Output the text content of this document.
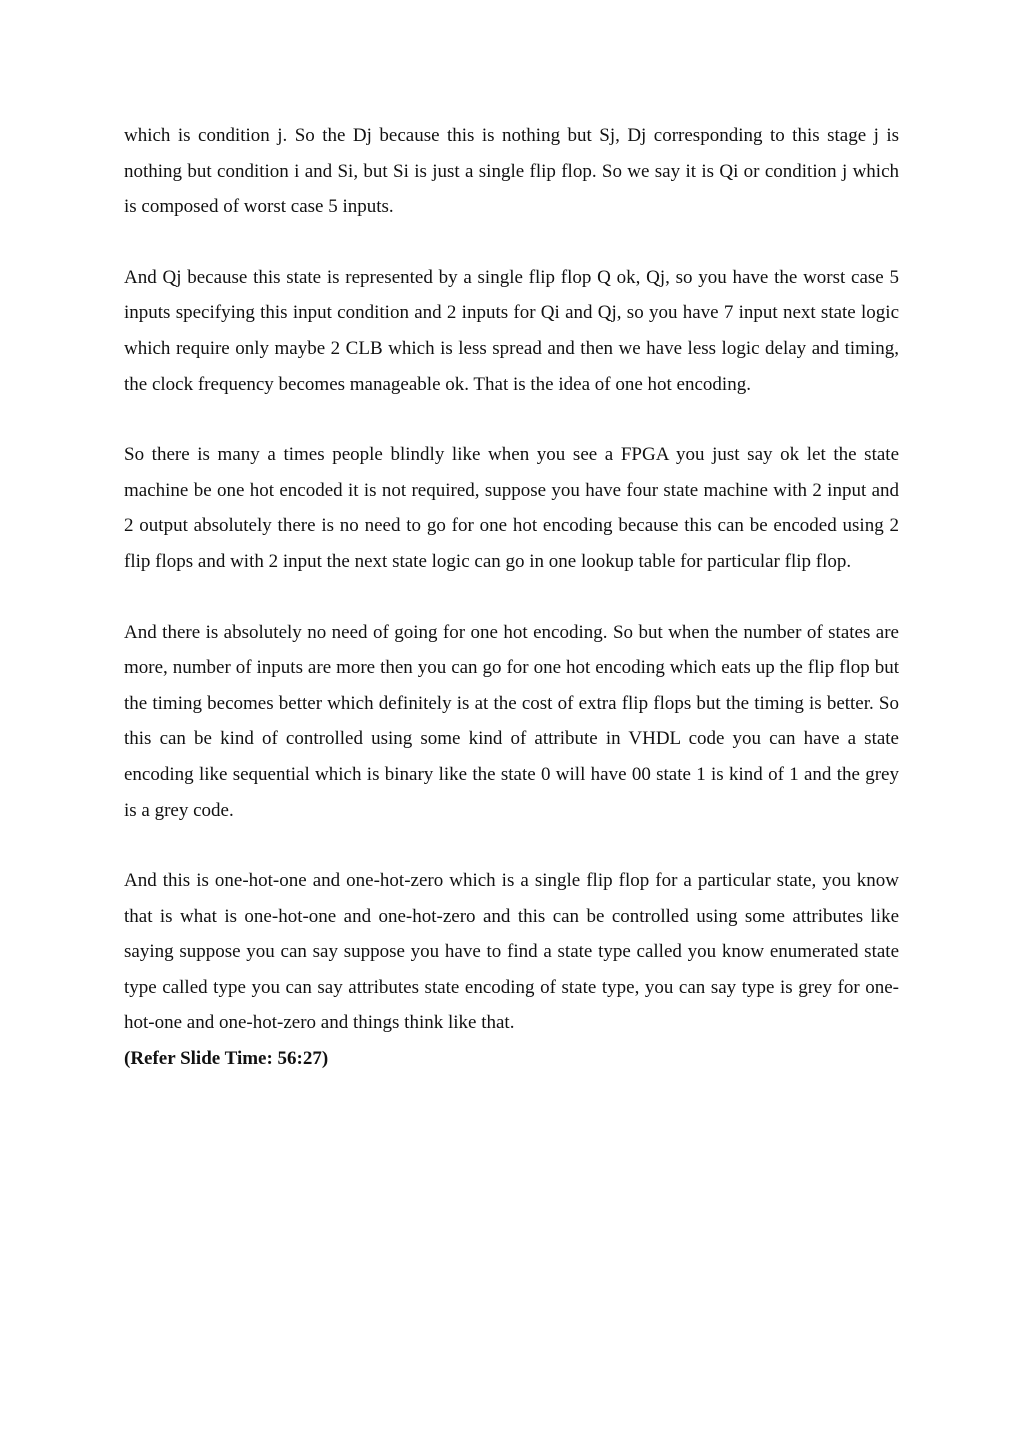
which is condition j. So the Dj because this is nothing but Sj, Dj corresponding to this stage j is nothing but condition i and Si, but Si is just a single flip flop. So we say it is Qi or condition j which is composed of worst case 5 inputs.

And Qj because this state is represented by a single flip flop Q ok, Qj, so you have the worst case 5 inputs specifying this input condition and 2 inputs for Qi and Qj, so you have 7 input next state logic which require only maybe 2 CLB which is less spread and then we have less logic delay and timing, the clock frequency becomes manageable ok. That is the idea of one hot encoding.

So there is many a times people blindly like when you see a FPGA you just say ok let the state machine be one hot encoded it is not required, suppose you have four state machine with 2 input and 2 output absolutely there is no need to go for one hot encoding because this can be encoded using 2 flip flops and with 2 input the next state logic can go in one lookup table for particular flip flop.

And there is absolutely no need of going for one hot encoding. So but when the number of states are more, number of inputs are more then you can go for one hot encoding which eats up the flip flop but the timing becomes better which definitely is at the cost of extra flip flops but the timing is better. So this can be kind of controlled using some kind of attribute in VHDL code you can have a state encoding like sequential which is binary like the state 0 will have 00 state 1 is kind of 1 and the grey is a grey code.

And this is one-hot-one and one-hot-zero which is a single flip flop for a particular state, you know that is what is one-hot-one and one-hot-zero and this can be controlled using some attributes like saying suppose you can say suppose you have to find a state type called you know enumerated state type called type you can say attributes state encoding of state type, you can say type is grey for one-hot-one and one-hot-zero and things think like that.

(Refer Slide Time: 56:27)
